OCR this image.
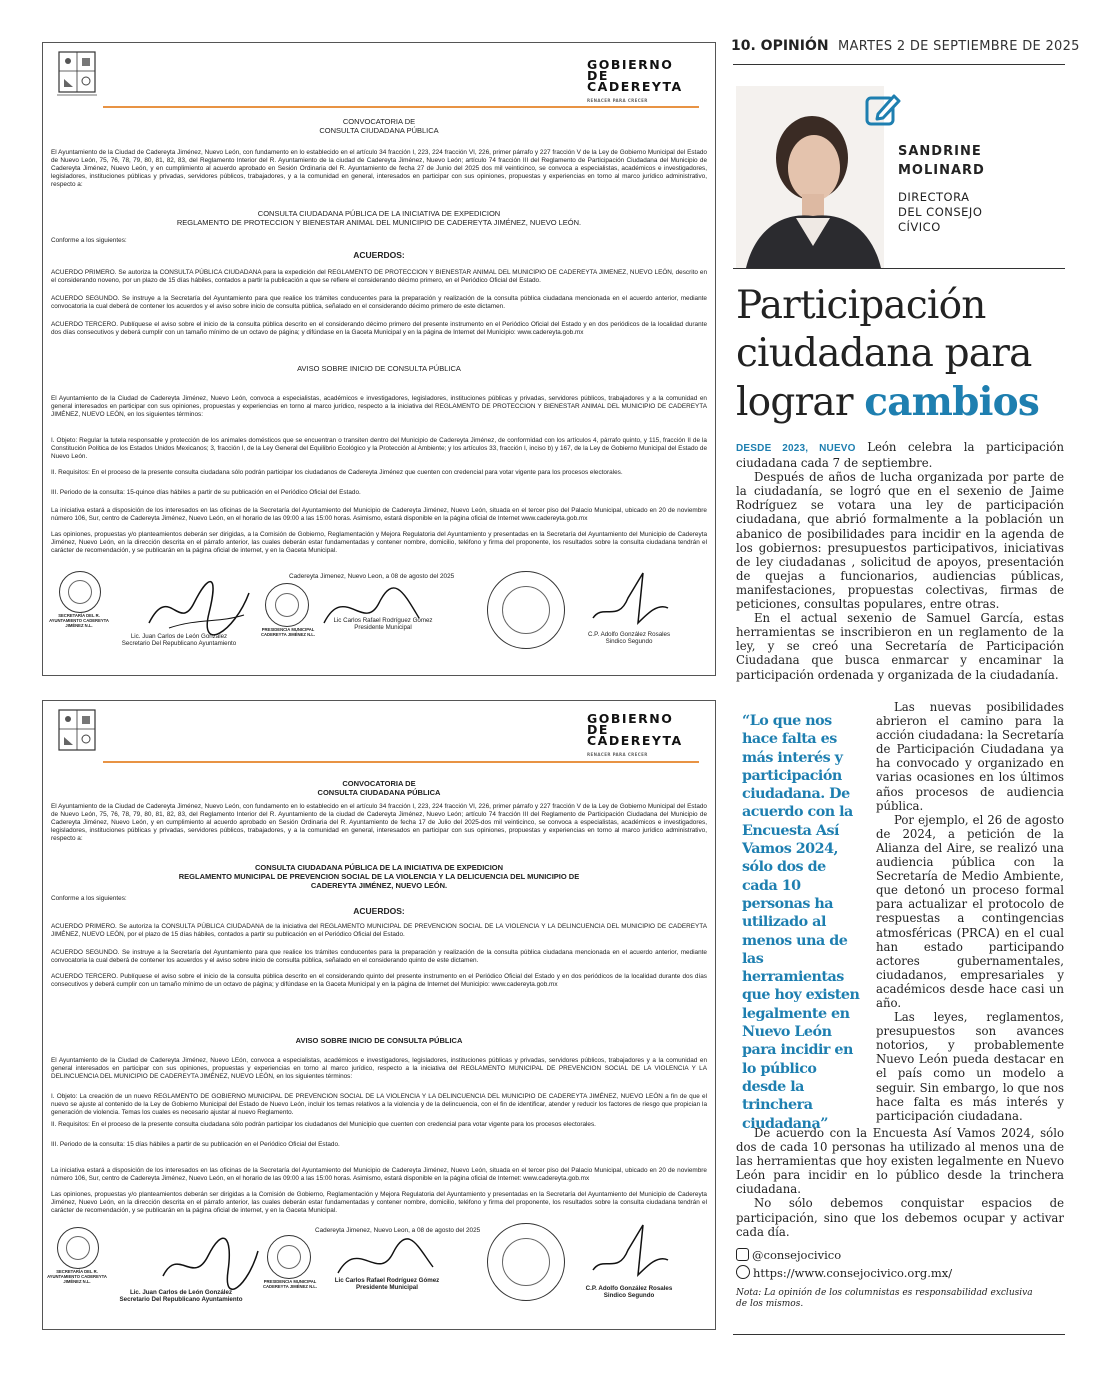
GOBIERNO
DE
CADEREYTA
RENACER PARA CRECER

CONVOCATORIA DE

CONSULTA CIUDADANA PÚBLICA

El Ayuntamiento de la Ciudad de Cadereyta Jiménez, Nuevo León, con fundamento en lo establecido en el artículo 34 fracción I, 223, 224 fracción VI, 226, primer párrafo y 227 fracción V de la Ley de Gobierno Municipal del Estado de Nuevo León, 75, 76, 78, 79, 80, 81, 82, 83, del Reglamento Interior del R. Ayuntamiento de la ciudad de Cadereyta Jiménez, Nuevo León; artículo 74 fracción III del Reglamento de Participación Ciudadana del Municipio de Cadereyta Jiménez, Nuevo León, y en cumplimiento al acuerdo aprobado en Sesión Ordinaria del R. Ayuntamiento de fecha 27 de Junio del 2025 dos mil veinticinco, se convoca a especialistas, académicos e investigadores, legisladores, instituciones públicas y privadas, servidores públicos, trabajadores, y a la comunidad en general, interesados en participar con sus opiniones, propuestas y experiencias en torno al marco jurídico administrativo, respecto a:

CONSULTA CIUDADANA PÚBLICA DE LA INICIATIVA DE EXPEDICION
REGLAMENTO DE PROTECCION Y BIENESTAR ANIMAL DEL MUNICIPIO DE CADEREYTA JIMÉNEZ, NUEVO LEÓN.

Conforme a los siguientes:

ACUERDOS:

ACUERDO PRIMERO. Se autoriza la CONSULTA PÚBLICA CIUDADANA para la expedición del REGLAMENTO DE PROTECCION Y BIENESTAR ANIMAL DEL MUNICIPIO DE CADEREYTA JIMENEZ, NUEVO LEÓN, descrito en el considerando noveno, por un plazo de 15 días hábiles, contados a partir la publicación a que se refiere el considerando décimo primero, en el Periódico Oficial del Estado.

ACUERDO SEGUNDO. Se instruye a la Secretaría del Ayuntamiento para que realice los trámites conducentes para la preparación y realización de la consulta pública ciudadana mencionada en el acuerdo anterior, mediante convocatoria la cual deberá de contener los acuerdos y el aviso sobre inicio de consulta pública, señalado en el considerando décimo primero de este dictamen.

ACUERDO TERCERO. Publíquese el aviso sobre el inicio de la consulta pública descrito en el considerando décimo primero del presente instrumento en el Periódico Oficial del Estado y en dos periódicos de la localidad durante dos días consecutivos y deberá cumplir con un tamaño mínimo de un octavo de página; y difúndase en la Gaceta Municipal y en la página de Internet del Municipio: www.cadereyta.gob.mx

AVISO SOBRE INICIO DE CONSULTA PÚBLICA

El Ayuntamiento de la Ciudad de Cadereyta Jiménez, Nuevo León, convoca a especialistas, académicos e investigadores, legisladores, instituciones públicas y privadas, servidores públicos, trabajadores y a la comunidad en general interesados en participar con sus opiniones, propuestas y experiencias en torno al marco jurídico, respecto a la iniciativa del REGLAMENTO DE PROTECCION Y BIENESTAR ANIMAL DEL MUNICIPIO DE CADEREYTA JIMÉNEZ, NUEVO LEÓN, en los siguientes términos:

I. Objeto: Regular la tutela responsable y protección de los animales domésticos que se encuentran o transiten dentro del Municipio de Cadereyta Jiménez, de conformidad con los artículos 4, párrafo quinto, y 115, fracción II de la Constitución Política de los Estados Unidos Mexicanos; 3, fracción I, de la Ley General del Equilibrio Ecológico y la Protección al Ambiente; y los artículos 33, fracción I, inciso b) y 167, de la Ley de Gobierno Municipal del Estado de Nuevo León.

II. Requisitos: En el proceso de la presente consulta ciudadana sólo podrán participar los ciudadanos de Cadereyta Jiménez que cuenten con credencial para votar vigente para los procesos electorales.

III. Periodo de la consulta: 15-quince días hábiles a partir de su publicación en el Periódico Oficial del Estado.

La iniciativa estará a disposición de los interesados en las oficinas de la Secretaría del Ayuntamiento del Municipio de Cadereyta Jiménez, Nuevo León, situada en el tercer piso del Palacio Municipal, ubicado en 20 de noviembre número 106, Sur, centro de Cadereyta Jiménez, Nuevo León, en el horario de las 09:00 a las 15:00 horas. Asimismo, estará disponible en la página oficial de Internet www.cadereyta.gob.mx

Las opiniones, propuestas y/o planteamientos deberán ser dirigidas, a la Comisión de Gobierno, Reglamentación y Mejora Regulatoria del Ayuntamiento y presentadas en la Secretaría del Ayuntamiento del Municipio de Cadereyta Jiménez, Nuevo León, en la dirección descrita en el párrafo anterior, las cuales deberán estar fundamentadas y contener nombre, domicilio, teléfono y firma del proponente, los resultados sobre la consulta ciudadana tendrán el carácter de recomendación, y se publicarán en la página oficial de internet, y en la Gaceta Municipal.

Cadereyta Jimenez, Nuevo Leon, a 08 de agosto del 2025
SECRETARÍA DEL R. AYUNTAMIENTO CADEREYTA JIMÉNEZ N.L.
PRESIDENCIA MUNICIPAL CADEREYTA JIMÉNEZ N.L.
Lic. Juan Carlos de León González
Secretario Del Republicano Ayuntamiento
Lic Carlos Rafael Rodríguez Gómez
Presidente Municipal
C.P. Adolfo González Rosales
Sindico Segundo
GOBIERNO
DE
CADEREYTA
RENACER PARA CRECER

CONVOCATORIA DE

CONSULTA CIUDADANA PÚBLICA

El Ayuntamiento de la Ciudad de Cadereyta Jiménez, Nuevo León, con fundamento en lo establecido en el artículo 34 fracción I, 223, 224 fracción VI, 226, primer párrafo y 227 fracción V de la Ley de Gobierno Municipal del Estado de Nuevo León, 75, 76, 78, 79, 80, 81, 82, 83, del Reglamento Interior del R. Ayuntamiento de la ciudad de Cadereyta Jiménez, Nuevo León; artículo 74 fracción III del Reglamento de Participación Ciudadana del Municipio de Cadereyta Jiménez, Nuevo León, y en cumplimiento al acuerdo aprobado en Sesión Ordinaria del R. Ayuntamiento de fecha 17 de Julio del 2025-dos mil veinticinco, se convoca a especialistas, académicos e investigadores, legisladores, instituciones públicas y privadas, servidores públicos, trabajadores, y a la comunidad en general, interesados en participar con sus opiniones, propuestas y experiencias en torno al marco jurídico administrativo, respecto a:

CONSULTA CIUDADANA PÚBLICA DE LA INICIATIVA DE EXPEDICION
REGLAMENTO MUNICIPAL DE PREVENCION SOCIAL DE LA VIOLENCIA Y LA DELICUENCIA DEL MUNICIPIO DE
CADEREYTA JIMÉNEZ, NUEVO LEÓN.

Conforme a los siguientes:

ACUERDOS:

ACUERDO PRIMERO. Se autoriza la CONSULTA PÚBLICA CIUDADANA de la iniciativa del REGLAMENTO MUNICIPAL DE PREVENCION SOCIAL DE LA VIOLENCIA Y LA DELINCUENCIA DEL MUNICIPIO DE CADEREYTA JIMÉNEZ, NUEVO LEÓN, por el plazo de 15 días hábiles, contados a partir su publicación en el Periódico Oficial del Estado.

ACUERDO SEGUNDO. Se instruye a la Secretaría del Ayuntamiento para que realice los trámites conducentes para la preparación y realización de la consulta pública ciudadana mencionada en el acuerdo anterior, mediante convocatoria la cual deberá de contener los acuerdos y el aviso sobre inicio de consulta pública, señalado en el considerando quinto de este dictamen.

ACUERDO TERCERO. Publíquese el aviso sobre el inicio de la consulta pública descrito en el considerando quinto del presente instrumento en el Periódico Oficial del Estado y en dos periódicos de la localidad durante dos días consecutivos y deberá cumplir con un tamaño mínimo de un octavo de página; y difúndase en la Gaceta Municipal y en la página de Internet del Municipio: www.cadereyta.gob.mx

AVISO SOBRE INICIO DE CONSULTA PÚBLICA

El Ayuntamiento de la Ciudad de Cadereyta Jiménez, Nuevo LEón, convoca a especialistas, académicos e investigadores, legisladores, instituciones públicas y privadas, servidores públicos, trabajadores y a la comunidad en general interesados en participar con sus opiniones, propuestas y experiencias en torno al marco jurídico, respecto a la iniciativa del REGLAMENTO MUNICIPAL DE PREVENCION SOCIAL DE LA VIOLENCIA Y LA DELINCUENCIA DEL MUNICIPIO DE CADEREYTA JIMÉNEZ, NUEVO LEÓN, en los siguientes términos:

I. Objeto: La creación de un nuevo REGLAMENTO DE GOBIERNO MUNICIPAL DE PREVENCION SOCIAL DE LA VIOLENCIA Y LA DELINCUENCIA DEL MUNICIPIO DE CADEREYTA JIMÉNEZ, NUEVO LEÓN a fin de que el nuevo se ajuste al contenido de la Ley de Gobierno Municipal del Estado de Nuevo León, incluir los temas relativos a la violencia y de la delincuencia, con el fin de identificar, atender y reducir los factores de riesgo que propician la generación de violencia. Temas los cuales es necesario ajustar al nuevo Reglamento.

II. Requisitos: En el proceso de la presente consulta ciudadana sólo podrán participar los ciudadanos del Municipio que cuenten con credencial para votar vigente para los procesos electorales.

III. Periodo de la consulta: 15 días hábiles a partir de su publicación en el Periódico Oficial del Estado.

La iniciativa estará a disposición de los interesados en las oficinas de la Secretaría del Ayuntamiento del Municipio de Cadereyta Jiménez, Nuevo León, situada en el tercer piso del Palacio Municipal, ubicado en 20 de noviembre número 106, Sur, centro de Cadereyta Jiménez, Nuevo León, en el horario de las 09:00 a las 15:00 horas. Asimismo, estará disponible en la página oficial de Internet: www.cadereyta.gob.mx

Las opiniones, propuestas y/o planteamientos deberán ser dirigidas a la Comisión de Gobierno, Reglamentación y Mejora Regulatoria del Ayuntamiento y presentadas en la Secretaría del Ayuntamiento del Municipio de Cadereyta Jiménez, Nuevo León, en la dirección descrita en el párrafo anterior, las cuales deberán estar fundamentadas y contener nombre, domicilio, teléfono y firma del proponente, los resultados sobre la consulta ciudadana tendrán el carácter de recomendación, y se publicarán en la página oficial de internet, y en la Gaceta Municipal.

Cadereyta Jimenez, Nuevo Leon, a 08 de agosto del 2025
SECRETARÍA DEL R. AYUNTAMIENTO CADEREYTA JIMÉNEZ N.L.	PRESIDENCIA MUNICIPAL CADEREYTA JIMÉNEZ N.L.
Lic. Juan Carlos de León González
Secretario Del Republicano Ayuntamiento
Lic Carlos Rafael Rodríguez Gómez
Presidente Municipal	C.P. Adolfo González Rosales
Sindico Segundo
10. OPINIÓN MARTES 2 DE SEPTIEMBRE DE 2025
SANDRINE
MOLINARD
DIRECTORA
DEL CONSEJO
CÍVICO
Participación
ciudadana para
lograr cambios

DESDE 2023, NUEVO León celebra la participación ciudadana cada 7 de septiembre.

Después de años de lucha organizada por parte de la ciudadanía, se logró que en el sexenio de Jaime Rodríguez se votara una ley de participación ciudadana, que abrió formalmente a la población un abanico de posibilidades para incidir en la agenda de los gobiernos: presupuestos participativos, iniciativas de ley ciudadanas , solicitud de apoyos, presentación de quejas a funcionarios, audiencias públicas, manifestaciones, propuestas colectivas, firmas de peticiones, consultas populares, entre otras.

En el actual sexenio de Samuel García, estas herramientas se inscribieron en un reglamento de la ley, y se creó una Secretaría de Participación Ciudadana que busca enmarcar y encaminar la participación ordenada y organizada de la ciudadanía.

“Lo que nos hace falta es más interés y participación ciudadana. De acuerdo con la Encuesta Así Vamos 2024, sólo dos de cada 10 personas ha utilizado al menos una de las herramientas que hoy existen legalmente en Nuevo León para incidir en lo público desde la trinchera ciudadana”

Las nuevas posibilidades abrieron el camino para la acción ciudadana: la Secretaría de Participación Ciudadana ya ha convocado y organizado en varias ocasiones en los últimos años procesos de audiencia pública.

Por ejemplo, el 26 de agosto de 2024, a petición de la Alianza del Aire, se realizó una audiencia pública con la Secretaría de Medio Ambiente, que detonó un proceso formal para actualizar el protocolo de respuestas a contingencias atmosféricas (PRCA) en el cual han estado participando actores gubernamentales, ciudadanos, empresariales y académicos desde hace casi un año.

Las leyes, reglamentos, presupuestos son avances notorios, y probablemente Nuevo León pueda destacar en el país como un modelo a seguir. Sin embargo, lo que nos hace falta es más interés y participación ciudadana.

De acuerdo con la Encuesta Así Vamos 2024, sólo dos de cada 10 personas ha utilizado al menos una de las herramientas que hoy existen legalmente en Nuevo León para incidir en lo público desde la trinchera ciudadana.

No sólo debemos conquistar espacios de participación, sino que los debemos ocupar y activar cada día.

@consejocivico
https://www.consejocivico.org.mx/
Nota: La opinión de los columnistas es responsabilidad exclusiva de los mismos.
